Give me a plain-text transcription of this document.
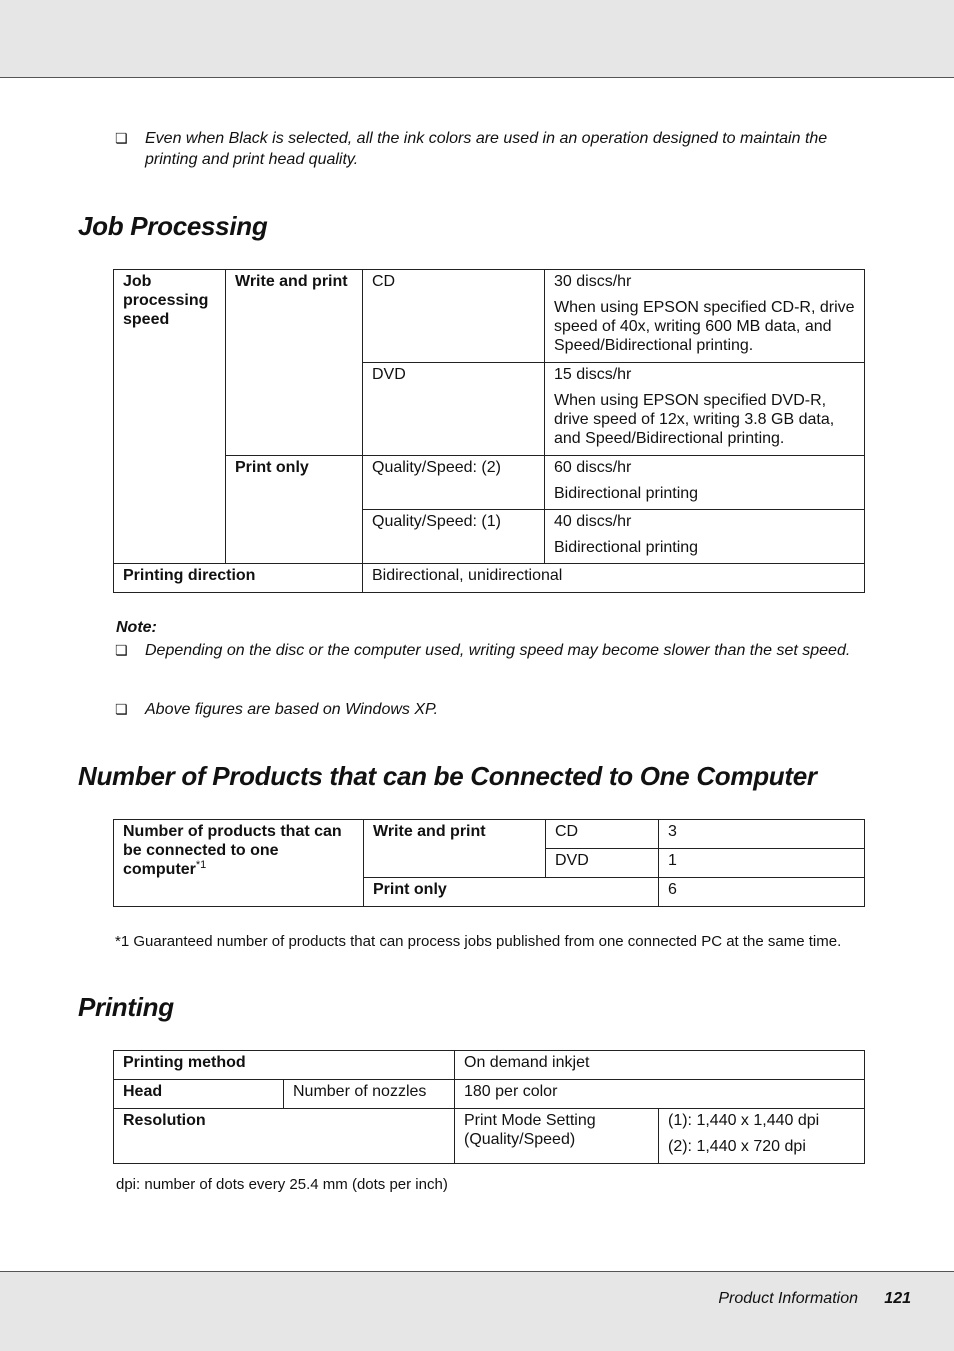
❏ Even when Black is selected, all the ink colors are used in an operation designed to maintain the printing and print head quality.
Job Processing
Job processing speed	Write and print	CD	30 discs/hr

When using EPSON specified CD-R, drive speed of 40x, writing 600 MB data, and Speed/Bidirectional printing.

		DVD	15 discs/hr

When using EPSON specified DVD-R, drive speed of 12x, writing 3.8 GB data, and Speed/Bidirectional printing.

	Print only	Quality/Speed: (2)	60 discs/hr

Bidirectional printing

		Quality/Speed: (1)	40 discs/hr

Bidirectional printing

Printing direction		Bidirectional, unidirectional	
Note:
❏ Depending on the disc or the computer used, writing speed may become slower than the set speed.
❏ Above figures are based on Windows XP.
Number of Products that can be Connected to One Computer
Number of products that can be connected to one computer$^{*1}$	Write and print	CD	3
		DVD	1
	Print only		6
*1 Guaranteed number of products that can process jobs published from one connected PC at the same time.
Printing
Printing method		On demand inkjet	
Head	Number of nozzles	180 per color	
Resolution		Print Mode Setting (Quality/Speed)	(1): 1,440 x 1,440 dpi

(2): 1,440 x 720 dpi

dpi: number of dots every 25.4 mm (dots per inch)
Product Information 121
